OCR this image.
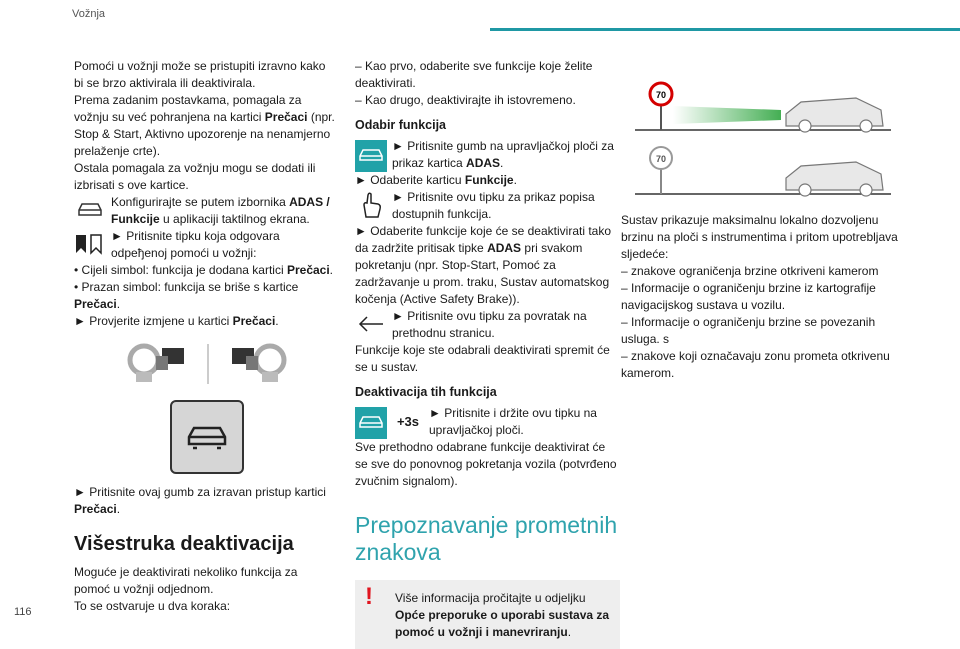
Vožnja

Pomoći u vožnji može se pristupiti izravno kako bi se brzo aktivirala ili deaktivirala.

Prema zadanim postavkama, pomagala za vožnju su već pohranjena na kartici Prečaci (npr. Stop & Start, Aktivno upozorenje na nenamjerno prelaženje crte).

Ostala pomagala za vožnju mogu se dodati ili izbrisati s ove kartice.

Konfigurirajte se putem izbornika ADAS / Funkcije u aplikaciji taktilnog ekrana.

► Pritisnite tipku koja odgovara odређenoj pomoći u vožnji:

• Cijeli simbol: funkcija je dodana kartici Prečaci.

• Prazan simbol: funkcija se briše s kartice Prečaci.

► Provjerite izmjene u kartici Prečaci.

► Pritisnite ovaj gumb za izravan pristup kartici Prečaci.

Višestruka deaktivacija

Moguće je deaktivirati nekoliko funkcija za pomoć u vožnji odjednom.

To se ostvaruje u dva koraka:

– Kao prvo, odaberite sve funkcije koje želite deaktivirati.

– Kao drugo, deaktivirajte ih istovremeno.

Odabir funkcija

► Pritisnite gumb na upravljačkoj ploči za prikaz kartica ADAS.

► Odaberite karticu Funkcije.

► Pritisnite ovu tipku za prikaz popisa dostupnih funkcija.

► Odaberite funkcije koje će se deaktivirati tako da zadržite pritisak tipke ADAS pri svakom pokretanju (npr. Stop-Start, Pomoć za zadržavanje u prom. traku, Sustav automatskog kočenja (Active Safety Brake)).

► Pritisnite ovu tipku za povratak na prethodnu stranicu.

Funkcije koje ste odabrali deaktivirati spremit će se u sustav.

Deaktivacija tih funkcija
+3s

► Pritisnite i držite ovu tipku na upravljačkoj ploči.

Sve prethodno odabrane funkcije deaktivirat će se sve do ponovnog pokretanja vozila (potvrđeno zvučnim signalom).

Prepoznavanje prometnih znakova
! Više informacija pročitajte u odjeljku Opće preporuke o uporabi sustava za pomoć u vožnji i manevriranju.
70
70

Sustav prikazuje maksimalnu lokalno dozvoljenu brzinu na ploči s instrumentima i pritom upotrebljava sljedeće:

– znakove ograničenja brzine otkriveni kamerom

– Informacije o ograničenju brzine iz kartografije navigacijskog sustava u vozilu.

– Informacije o ograničenju brzine se povezanih usluga. s

– znakove koji označavaju zonu prometa otkrivenu kamerom.

116
